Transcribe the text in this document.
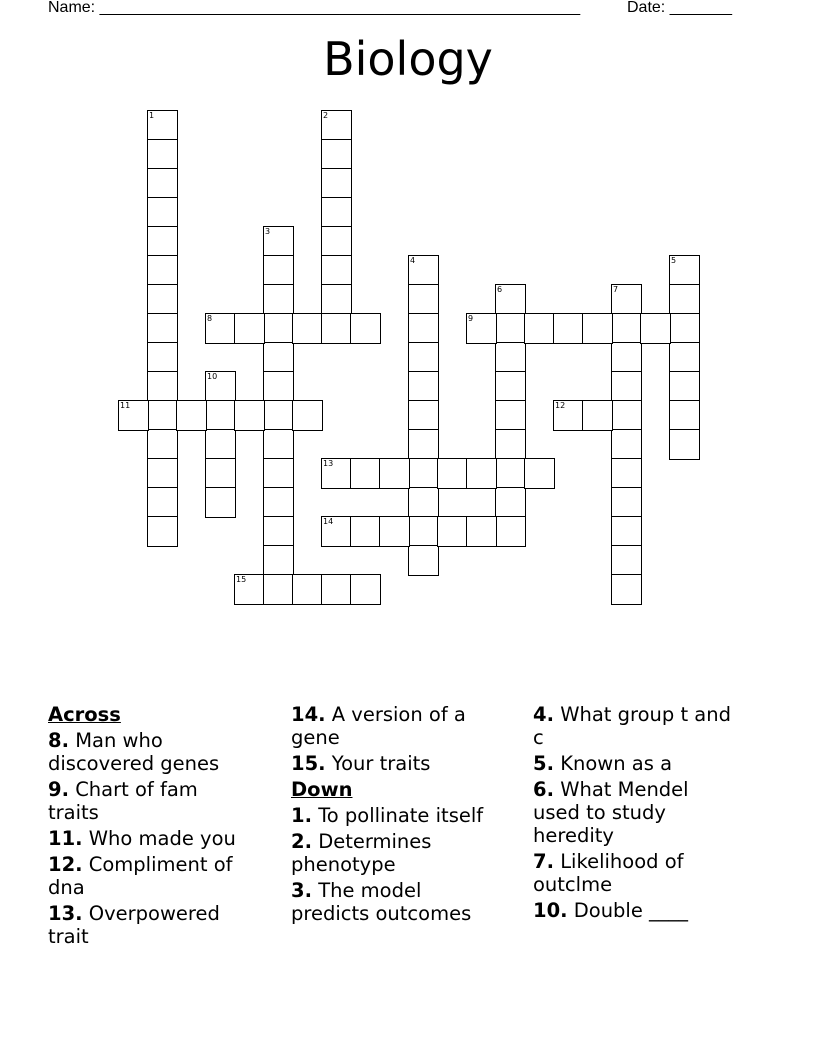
Name: ______________________________________________________	Date: _______
Biology
1	2
3
4	5
6	7
8	9
10
11	12
13
14
15
Across
8. Man who discovered genes
9. Chart of fam traits
11. Who made you
12. Compliment of dna
13. Overpowered trait
14. A version of a gene
15. Your traits
Down
1. To pollinate itself
2. Determines phenotype
3. The model predicts outcomes
4. What group t and c
5. Known as a
6. What Mendel used to study heredity
7. Likelihood of outclme
10. Double ____
